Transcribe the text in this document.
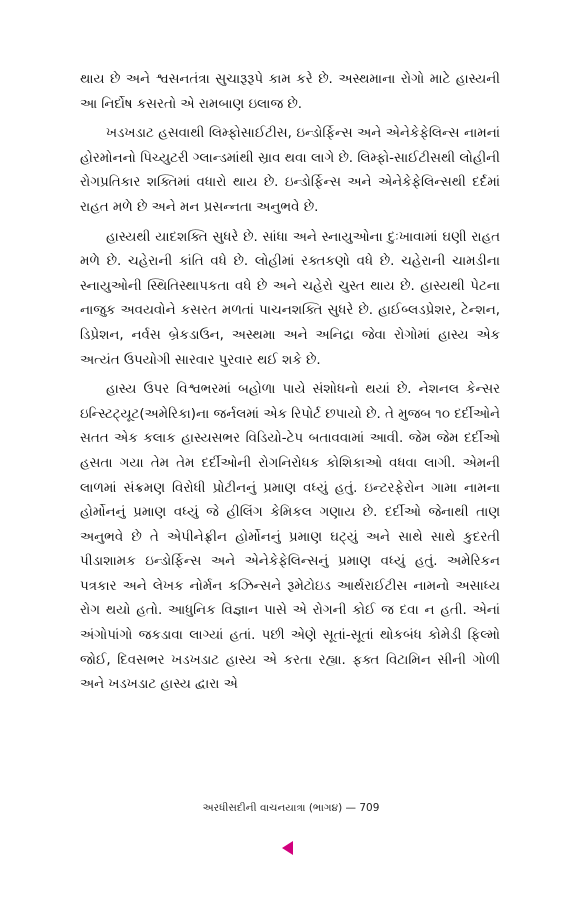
થાય છે અને શ્વસનતંત્રા સુચારૂરૂપે કામ કરે છે. અસ્થમાના રોગો માટે હાસ્યની આ નિર્દોષ કસરતો એ રામબાણ ઇલાજ છે.

ખડખડાટ હસવાથી લિમ્ફોસાઈટીસ, ઇન્ડોર્ફિન્સ અને એનેકેફેલિન્સ નામનાં હોરમોનનો પિચ્યુટરી ગ્લાન્ડમાંથી સ્રાવ થવા લાગે છે. લિમ્ફો-સાઈટીસથી લોહીની રોગપ્રતિકાર શક્તિમાં વધારો થાય છે. ઇન્ડોર્ફિન્સ અને એનેકેફેલિન્સથી દર્દમાં રાહત મળે છે અને મન પ્રસન્નતા અનુભવે છે.

હાસ્યથી યાદશક્તિ સુધરે છે. સાંધા અને સ્નાયુઓના દુઃખાવામાં ઘણી રાહત મળે છે. ચહેરાની કાંતિ વધે છે. લોહીમાં રક્તકણો વધે છે. ચહેરાની ચામડીના સ્નાયુઓની સ્થિતિસ્થાપકતા વધે છે અને ચહેરો ચુસ્ત થાય છે. હાસ્યથી પેટના નાજુક અવયવોને કસરત મળતાં પાચનશક્તિ સુધરે છે. હાઈબ્લડપ્રેશર, ટેન્શન, ડિપ્રેશન, નર્વસ બ્રેકડાઉન, અસ્થમા અને અનિદ્રા જેવા રોગોમાં હાસ્ય એક અત્યંત ઉપયોગી સારવાર પુરવાર થઈ શકે છે.

હાસ્ય ઉપર વિશ્વભરમાં બહોળા પાયે સંશોધનો થયાં છે. નેશનલ કેન્સર ઇન્સ્ટિટ્યૂટ(અમેરિકા)ના જર્નલમાં એક રિપોર્ટ છપાયો છે. તે મુજબ ૧૦ દર્દીઓને સતત એક કલાક હાસ્યસભર વિડિયો-ટેપ બતાવવામાં આવી. જેમ જેમ દર્દીઓ હસતા ગયા તેમ તેમ દર્દીઓની રોગનિરોધક કોશિકાઓ વધવા લાગી. એમની લાળમાં સંક્રમણ વિરોધી પ્રોટીનનું પ્રમાણ વધ્યું હતું. ઇન્ટરફેરોન ગામા નામના હોર્મોનનું પ્રમાણ વધ્યું જે હીલિંગ કેમિકલ ગણાય છે. દર્દીઓ જેનાથી તાણ અનુભવે છે તે એપીનેફ્રીન હોર્મોનનું પ્રમાણ ઘટ્યું અને સાથે સાથે કુદરતી પીડાશામક ઇન્ડોર્ફિન્સ અને એનેકેફેલિન્સનું પ્રમાણ વધ્યું હતું. અમેરિકન પત્રકાર અને લેખક નોર્મન કઝિન્સને રૂમેટોઇડ આર્થરાઈટીસ નામનો અસાધ્ય રોગ થયો હતો. આધુનિક વિજ્ઞાન પાસે એ રોગની કોઈ જ દવા ન હતી. એનાં અંગોપાંગો જકડાવા લાગ્યાં હતાં. પછી એણે સૂતાં-સૂતાં થોકબંધ કોમેડી ફિલ્મો જોઈ, દિવસભર ખડખડાટ હાસ્ય એ કરતા રહ્યા. ફક્ત વિટામિન સીની ગોળી અને ખડખડાટ હાસ્ય દ્વારા એ

અરધીસદીની વાચનયાત્રા (ભાગ૪) — 709
